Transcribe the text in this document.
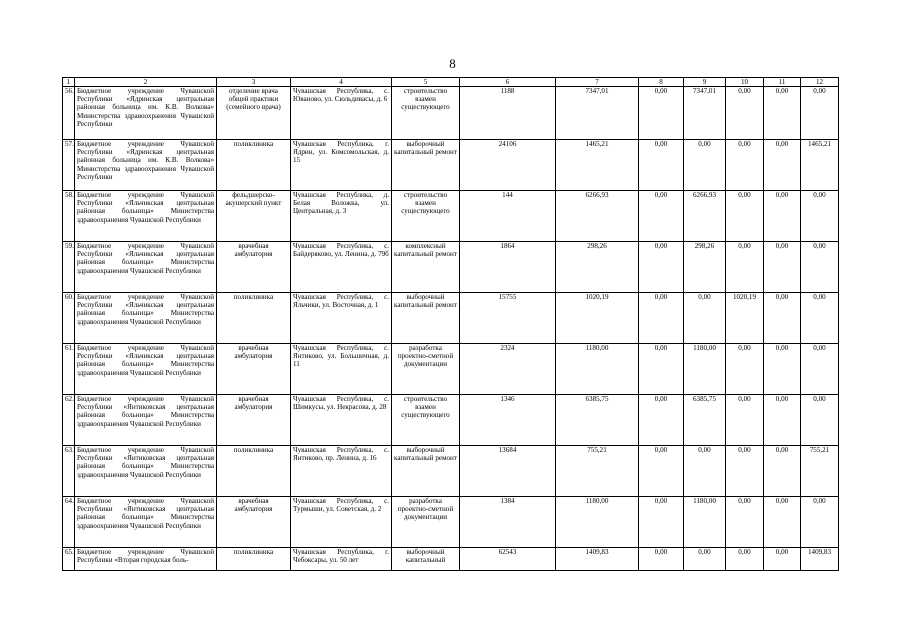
8
1	2	3	4	5	6	7	8	9	10	11	12
56.	Бюджетное учреждение Чувашской Республики «Ядринская центральная районная больница им. К.В. Волкова» Министерства здравоохранения Чувашской Республики	отделение врача общей практики (семейного врача)	Чувашская Республика, с. Юваново, ул. Сюльдивасы, д. 6	строительство взамен существующего	1188	7347,01	0,00	7347,01	0,00	0,00	0,00
57.	Бюджетное учреждение Чувашской Республики «Ядринская центральная районная больница им. К.В. Волкова» Министерства здравоохранения Чувашской Республики	поликлиника	Чувашская Республика, г. Ядрин, ул. Комсомольская, д. 15	выборочный капитальный ремонт	24106	1465,21	0,00	0,00	0,00	0,00	1465,21
58.	Бюджетное учреждение Чувашской Республики «Яльчикская центральная районная больница» Министерства здравоохранения Чувашской Республики	фельдшерско-акушерский пункт	Чувашская Республика, д. Белая Воложка, ул. Центральная, д. 3	строительство взамен существующего	144	6266,93	0,00	6266,93	0,00	0,00	0,00
59.	Бюджетное учреждение Чувашской Республики «Яльчикская центральная районная больница» Министерства здравоохранения Чувашской Республики	врачебная амбулатория	Чувашская Республика, с. Байдеряково, ул. Ленина, д. 79б	комплексный капитальный ремонт	1864	298,26	0,00	298,26	0,00	0,00	0,00
60.	Бюджетное учреждение Чувашской Республики «Яльчикская центральная районная больница» Министерства здравоохранения Чувашской Республики	поликлиника	Чувашская Республика, с. Яльчики, ул. Восточная, д. 1	выборочный капитальный ремонт	15755	1020,19	0,00	0,00	1020,19	0,00	0,00
61.	Бюджетное учреждение Чувашской Республики «Яльчикская центральная районная больница» Министерства здравоохранения Чувашской Республики	врачебная амбулатория	Чувашская Республика, с. Янтиково, ул. Большичная, д. 11	разработка проектно-сметной документации	2324	1180,00	0,00	1180,00	0,00	0,00	0,00
62.	Бюджетное учреждение Чувашской Республики «Янтиковская центральная районная больница» Министерства здравоохранения Чувашской Республики	врачебная амбулатория	Чувашская Республика, с. Шимкусы, ул. Некрасова, д. 28	строительство взамен существующего	1346	6385,75	0,00	6385,75	0,00	0,00	0,00
63.	Бюджетное учреждение Чувашской Республики «Янтиковская центральная районная больница» Министерства здравоохранения Чувашской Республики	поликлиника	Чувашская Республика, с. Янтиково, пр. Ленина, д. 16	выборочный капитальный ремонт	13684	755,21	0,00	0,00	0,00	0,00	755,21
64.	Бюджетное учреждение Чувашской Республики «Янтиковская центральная районная больница» Министерства здравоохранения Чувашской Республики	врачебная амбулатория	Чувашская Республика, с. Турмыши, ул. Советская, д. 2	разработка проектно-сметной документации	1384	1180,00	0,00	1180,00	0,00	0,00	0,00
65.	Бюджетное учреждение Чувашской Республики «Вторая городская боль-	поликлиника	Чувашская Республика, г. Чебоксары, ул. 50 лет	выборочный капитальный	62543	1409,83	0,00	0,00	0,00	0,00	1409,83
